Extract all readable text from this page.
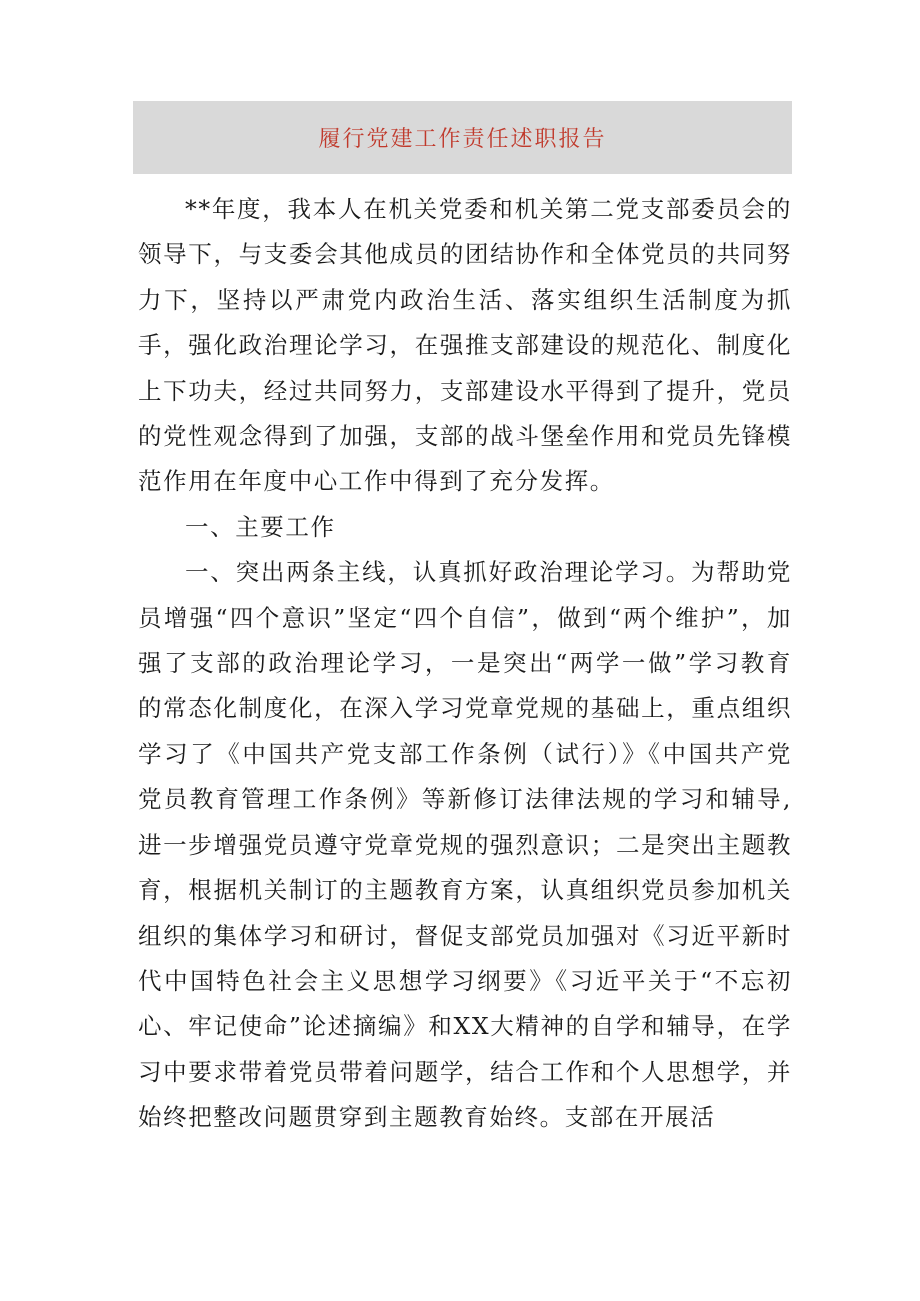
履行党建工作责任述职报告

**年度，我本人在机关党委和机关第二党支部委员会的领导下，与支委会其他成员的团结协作和全体党员的共同努力下，坚持以严肃党内政治生活、落实组织生活制度为抓手，强化政治理论学习，在强推支部建设的规范化、制度化上下功夫，经过共同努力，支部建设水平得到了提升，党员的党性观念得到了加强，支部的战斗堡垒作用和党员先锋模范作用在年度中心工作中得到了充分发挥。

一、主要工作

一、突出两条主线，认真抓好政治理论学习。为帮助党员增强“四个意识”坚定“四个自信”，做到“两个维护”，加强了支部的政治理论学习，一是突出“两学一做”学习教育的常态化制度化，在深入学习党章党规的基础上，重点组织学习了《中国共产党支部工作条例（试行）》《中国共产党党员教育管理工作条例》等新修订法律法规的学习和辅导,进一步增强党员遵守党章党规的强烈意识；二是突出主题教育，根据机关制订的主题教育方案，认真组织党员参加机关组织的集体学习和研讨，督促支部党员加强对《习近平新时代中国特色社会主义思想学习纲要》《习近平关于“不忘初心、牢记使命”论述摘编》和XX大精神的自学和辅导，在学习中要求带着党员带着问题学，结合工作和个人思想学，并始终把整改问题贯穿到主题教育始终。支部在开展活
